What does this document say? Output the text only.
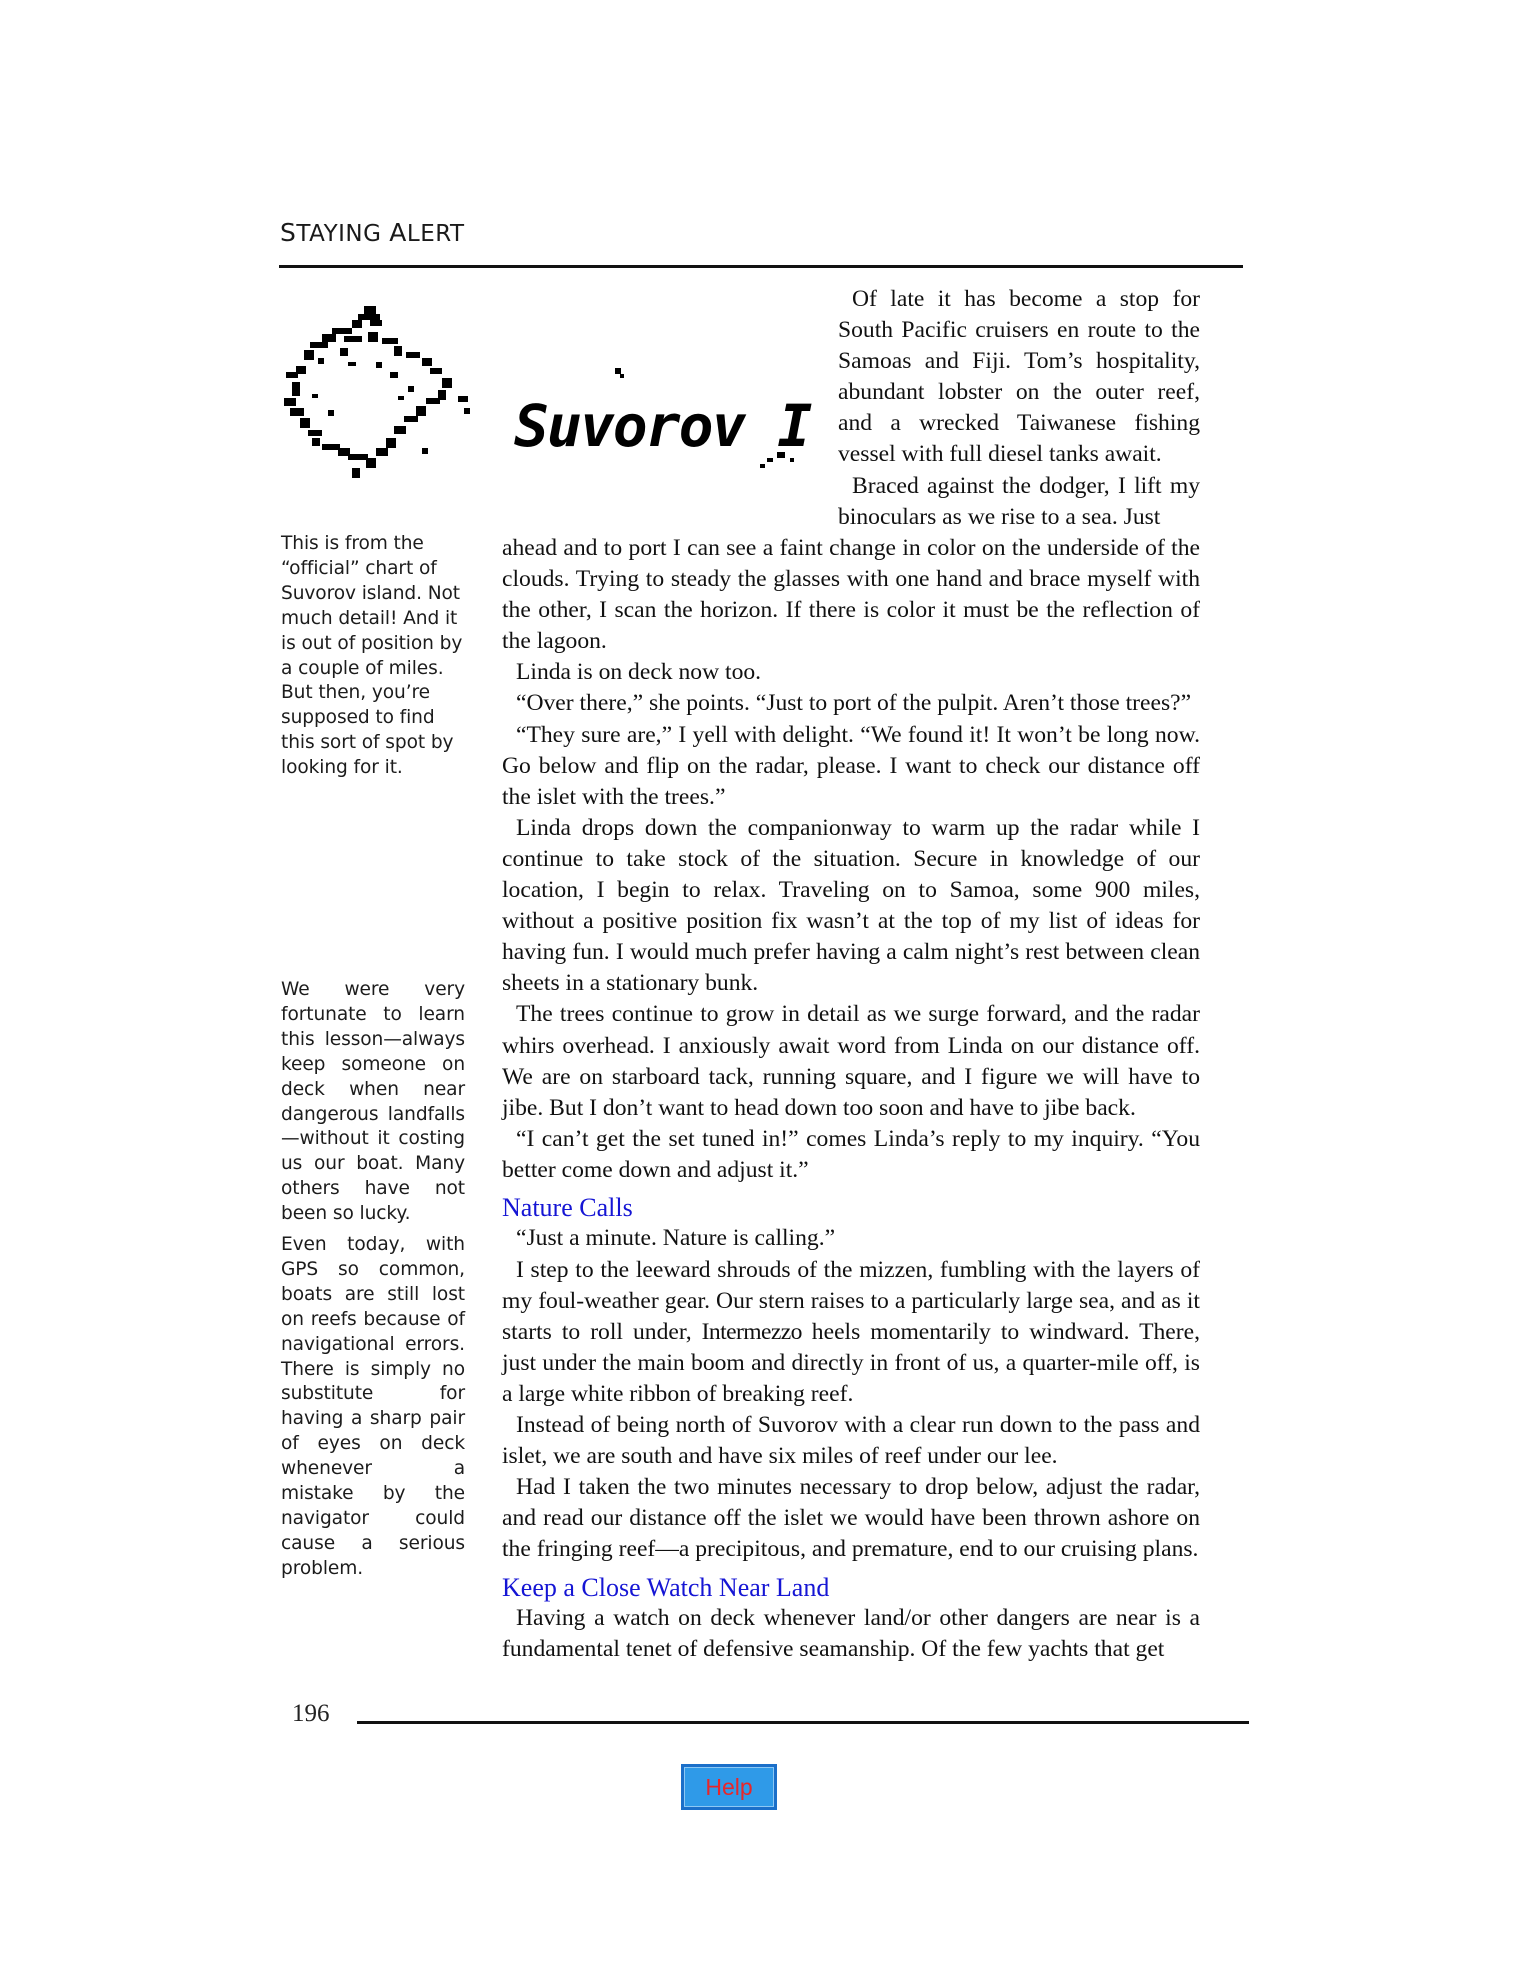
STAYING ALERT
Suvorov I
This is from the “official” chart of Suvorov island. Not much detail! And it is out of position by a couple of miles. But then, you’re supposed to find this sort of spot by looking for it.
We were very fortunate to learn this lesson—always keep someone on deck when near dangerous landfalls—without it costing us our boat. Many others have not been so lucky.
Even today, with GPS so common, boats are still lost on reefs because of navigational errors. There is simply no substitute for having a sharp pair of eyes on deck whenever a mistake by the navigator could cause a serious problem.

Of late it has become a stop for South Pacific cruisers en route to the Samoas and Fiji. Tom’s hospitality, abundant lobster on the outer reef, and a wrecked Taiwanese fishing vessel with full diesel tanks await.

Braced against the dodger, I lift my binoculars as we rise to a sea. Just

ahead and to port I can see a faint change in color on the underside of the clouds. Trying to steady the glasses with one hand and brace myself with the other, I scan the horizon. If there is color it must be the reflection of the lagoon.

Linda is on deck now too.

“Over there,” she points. “Just to port of the pulpit. Aren’t those trees?”

“They sure are,” I yell with delight. “We found it! It won’t be long now. Go below and flip on the radar, please. I want to check our distance off the islet with the trees.”

Linda drops down the companionway to warm up the radar while I continue to take stock of the situation. Secure in knowledge of our location, I begin to relax. Traveling on to Samoa, some 900 miles, without a positive position fix wasn’t at the top of my list of ideas for having fun. I would much prefer having a calm night’s rest between clean sheets in a stationary bunk.

The trees continue to grow in detail as we surge forward, and the radar whirs overhead. I anxiously await word from Linda on our distance off. We are on starboard tack, running square, and I figure we will have to jibe. But I don’t want to head down too soon and have to jibe back.

“I can’t get the set tuned in!” comes Linda’s reply to my inquiry. “You better come down and adjust it.”

Nature Calls

“Just a minute. Nature is calling.”

I step to the leeward shrouds of the mizzen, fumbling with the layers of my foul-weather gear. Our stern raises to a particularly large sea, and as it starts to roll under, Intermezzo heels momentarily to windward. There, just under the main boom and directly in front of us, a quarter-mile off, is a large white ribbon of breaking reef.

Instead of being north of Suvorov with a clear run down to the pass and islet, we are south and have six miles of reef under our lee.

Had I taken the two minutes necessary to drop below, adjust the radar, and read our distance off the islet we would have been thrown ashore on the fringing reef—a precipitous, and premature, end to our cruising plans.

Keep a Close Watch Near Land

Having a watch on deck whenever land/or other dangers are near is a fundamental tenet of defensive seamanship. Of the few yachts that get

196
Help
